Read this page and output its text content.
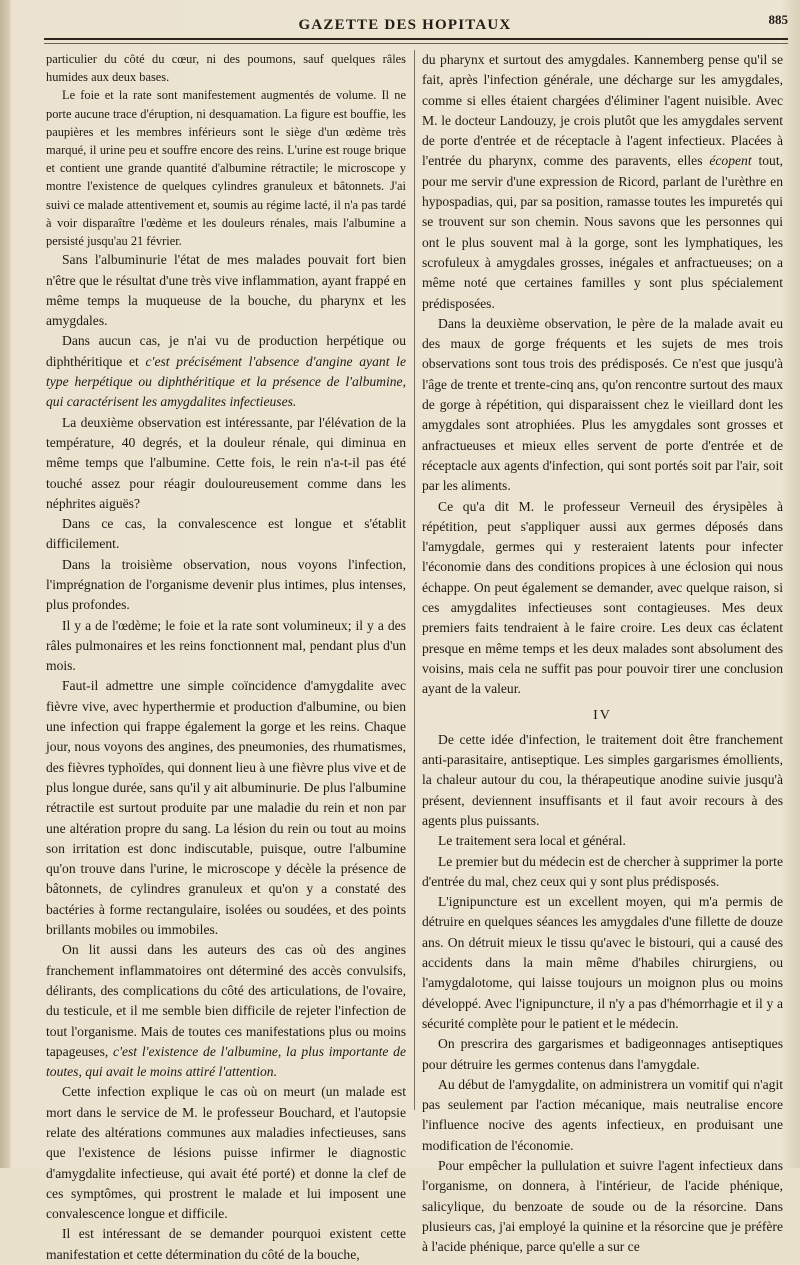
GAZETTE DES HOPITAUX	885

particulier du côté du cœur, ni des poumons, sauf quelques râles humides aux deux bases.

Le foie et la rate sont manifestement augmentés de volume. Il ne porte aucune trace d'éruption, ni desquamation. La figure est bouffie, les paupières et les membres inférieurs sont le siège d'un œdème très marqué, il urine peu et souffre encore des reins. L'urine est rouge brique et contient une grande quantité d'albumine rétractile; le microscope y montre l'existence de quelques cylindres granuleux et bâtonnets. J'ai suivi ce malade attentivement et, soumis au régime lacté, il n'a pas tardé à voir disparaître l'œdème et les douleurs rénales, mais l'albumine a persisté jusqu'au 21 février.

Sans l'albuminurie l'état de mes malades pouvait fort bien n'être que le résultat d'une très vive inflammation, ayant frappé en même temps la muqueuse de la bouche, du pharynx et les amygdales.

Dans aucun cas, je n'ai vu de production herpétique ou diphthéritique et c'est précisément l'absence d'angine ayant le type herpétique ou diphthéritique et la présence de l'albumine, qui caractérisent les amygdalites infectieuses.

La deuxième observation est intéressante, par l'élévation de la température, 40 degrés, et la douleur rénale, qui diminua en même temps que l'albumine. Cette fois, le rein n'a-t-il pas été touché assez pour réagir douloureusement comme dans les néphrites aiguës?

Dans ce cas, la convalescence est longue et s'établit difficilement.

Dans la troisième observation, nous voyons l'infection, l'imprégnation de l'organisme devenir plus intimes, plus intenses, plus profondes.

Il y a de l'œdème; le foie et la rate sont volumineux; il y a des râles pulmonaires et les reins fonctionnent mal, pendant plus d'un mois.

Faut-il admettre une simple coïncidence d'amygdalite avec fièvre vive, avec hyperthermie et production d'albumine, ou bien une infection qui frappe également la gorge et les reins. Chaque jour, nous voyons des angines, des pneumonies, des rhumatismes, des fièvres typhoïdes, qui donnent lieu à une fièvre plus vive et de plus longue durée, sans qu'il y ait albuminurie. De plus l'albumine rétractile est surtout produite par une maladie du rein et non par une altération propre du sang. La lésion du rein ou tout au moins son irritation est donc indiscutable, puisque, outre l'albumine qu'on trouve dans l'urine, le microscope y décèle la présence de bâtonnets, de cylindres granuleux et qu'on y a constaté des bactéries à forme rectangulaire, isolées ou soudées, et des points brillants mobiles ou immobiles.

On lit aussi dans les auteurs des cas où des angines franchement inflammatoires ont déterminé des accès convulsifs, délirants, des complications du côté des articulations, de l'ovaire, du testicule, et il me semble bien difficile de rejeter l'infection de tout l'organisme. Mais de toutes ces manifestations plus ou moins tapageuses, c'est l'existence de l'albumine, la plus importante de toutes, qui avait le moins attiré l'attention.

Cette infection explique le cas où on meurt (un malade est mort dans le service de M. le professeur Bouchard, et l'autopsie relate des altérations communes aux maladies infectieuses, sans que l'existence de lésions puisse infirmer le diagnostic d'amygdalite infectieuse, qui avait été porté) et donne la clef de ces symptômes, qui prostrent le malade et lui imposent une convalescence longue et difficile.

Il est intéressant de se demander pourquoi existent cette manifestation et cette détermination du côté de la bouche,

du pharynx et surtout des amygdales. Kannemberg pense qu'il se fait, après l'infection générale, une décharge sur les amygdales, comme si elles étaient chargées d'éliminer l'agent nuisible. Avec M. le docteur Landouzy, je crois plutôt que les amygdales servent de porte d'entrée et de réceptacle à l'agent infectieux. Placées à l'entrée du pharynx, comme des paravents, elles écopent tout, pour me servir d'une expression de Ricord, parlant de l'urèthre en hypospadias, qui, par sa position, ramasse toutes les impuretés qui se trouvent sur son chemin. Nous savons que les personnes qui ont le plus souvent mal à la gorge, sont les lymphatiques, les scrofuleux à amygdales grosses, inégales et anfractueuses; on a même noté que certaines familles y sont plus spécialement prédisposées.

Dans la deuxième observation, le père de la malade avait eu des maux de gorge fréquents et les sujets de mes trois observations sont tous trois des prédisposés. Ce n'est que jusqu'à l'âge de trente et trente-cinq ans, qu'on rencontre surtout des maux de gorge à répétition, qui disparaissent chez le vieillard dont les amygdales sont atrophiées. Plus les amygdales sont grosses et anfractueuses et mieux elles servent de porte d'entrée et de réceptacle aux agents d'infection, qui sont portés soit par l'air, soit par les aliments.

Ce qu'a dit M. le professeur Verneuil des érysipèles à répétition, peut s'appliquer aussi aux germes déposés dans l'amygdale, germes qui y resteraient latents pour infecter l'économie dans des conditions propices à une éclosion qui nous échappe. On peut également se demander, avec quelque raison, si ces amygdalites infectieuses sont contagieuses. Mes deux premiers faits tendraient à le faire croire. Les deux cas éclatent presque en même temps et les deux malades sont absolument des voisins, mais cela ne suffit pas pour pouvoir tirer une conclusion ayant de la valeur.

IV

De cette idée d'infection, le traitement doit être franchement anti-parasitaire, antiseptique. Les simples gargarismes émollients, la chaleur autour du cou, la thérapeutique anodine suivie jusqu'à présent, deviennent insuffisants et il faut avoir recours à des agents plus puissants.

Le traitement sera local et général.

Le premier but du médecin est de chercher à supprimer la porte d'entrée du mal, chez ceux qui y sont plus prédisposés.

L'ignipuncture est un excellent moyen, qui m'a permis de détruire en quelques séances les amygdales d'une fillette de douze ans. On détruit mieux le tissu qu'avec le bistouri, qui a causé des accidents dans la main même d'habiles chirurgiens, ou l'amygdalotome, qui laisse toujours un moignon plus ou moins développé. Avec l'ignipuncture, il n'y a pas d'hémorrhagie et il y a sécurité complète pour le patient et le médecin.

On prescrira des gargarismes et badigeonnages antiseptiques pour détruire les germes contenus dans l'amygdale.

Au début de l'amygdalite, on administrera un vomitif qui n'agit pas seulement par l'action mécanique, mais neutralise encore l'influence nocive des agents infectieux, en produisant une modification de l'économie.

Pour empêcher la pullulation et suivre l'agent infectieux dans l'organisme, on donnera, à l'intérieur, de l'acide phénique, salicylique, du benzoate de soude ou de la résorcine. Dans plusieurs cas, j'ai employé la quinine et la résorcine que je préfère à l'acide phénique, parce qu'elle a sur ce
